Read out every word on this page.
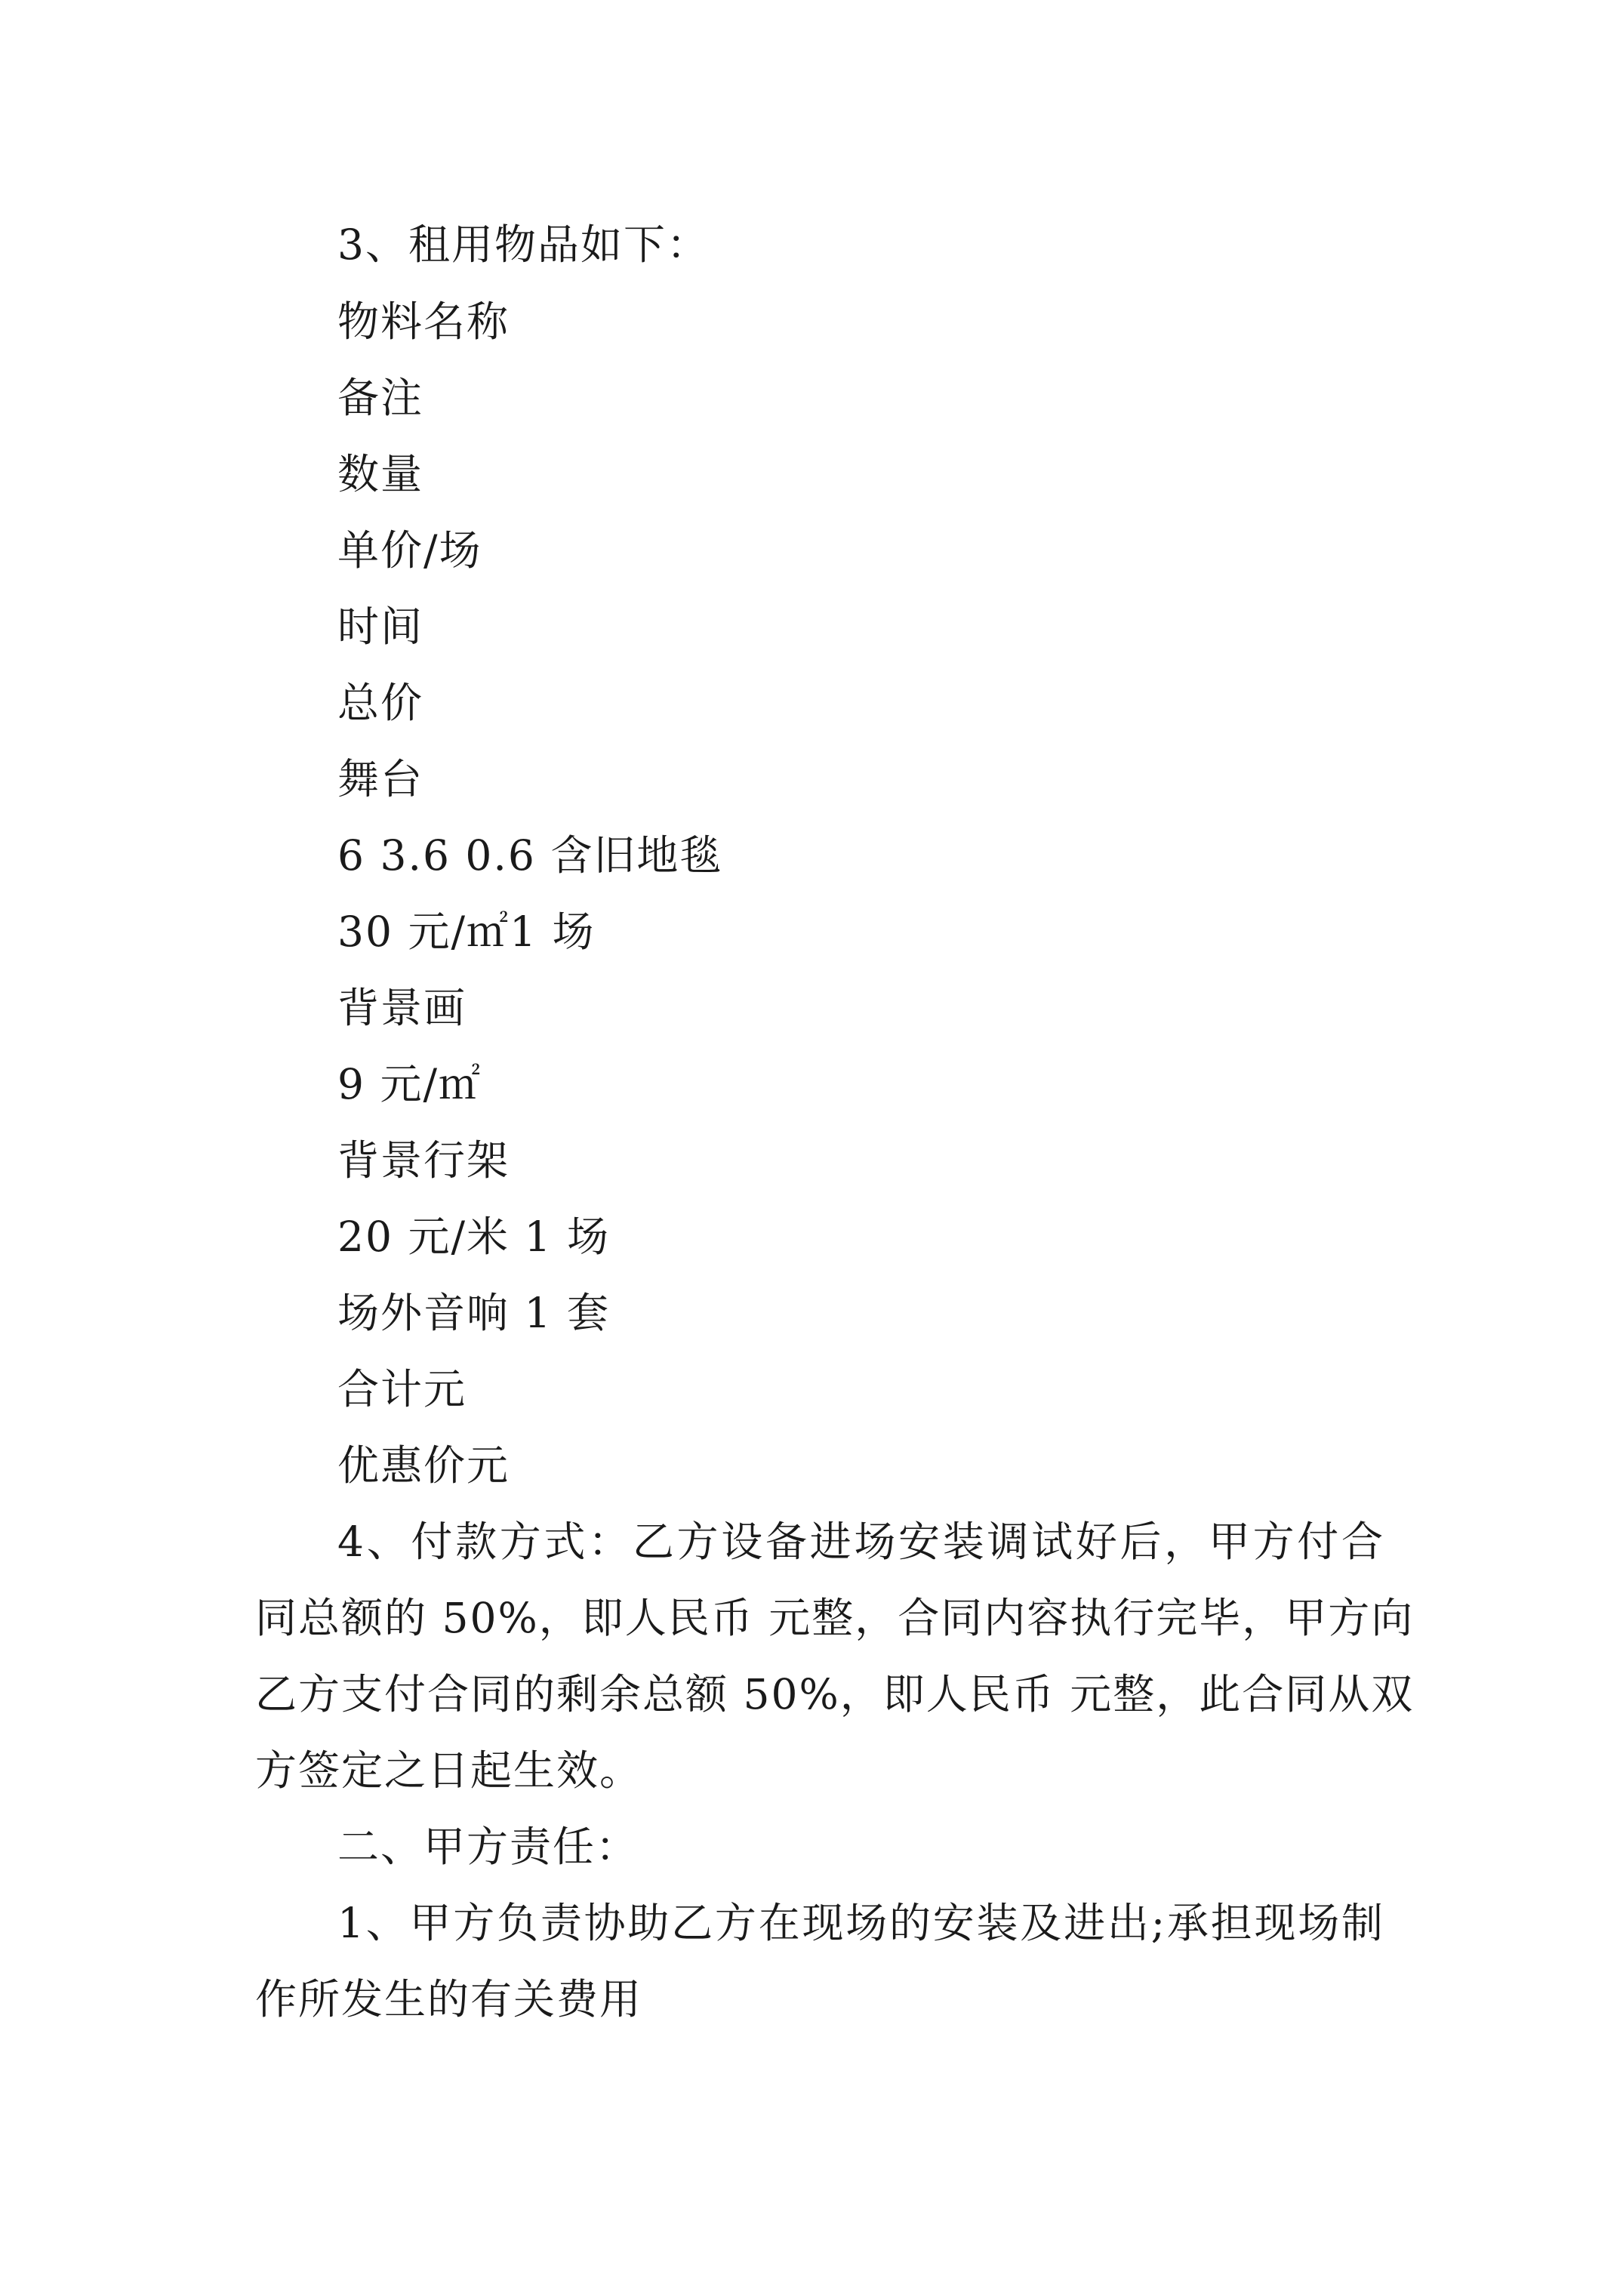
3、租用物品如下：
物料名称
备注
数量
单价/场
时间
总价
舞台
6 3.6 0.6 含旧地毯
30 元/㎡1 场
背景画
9 元/㎡
背景行架
20 元/米 1 场
场外音响 1 套
合计元
优惠价元
4、付款方式：乙方设备进场安装调试好后，甲方付合
同总额的 50%，即人民币 元整，合同内容执行完毕，甲方向
乙方支付合同的剩余总额 50%，即人民币 元整，此合同从双
方签定之日起生效。
二、甲方责任：
1、甲方负责协助乙方在现场的安装及进出;承担现场制
作所发生的有关费用
